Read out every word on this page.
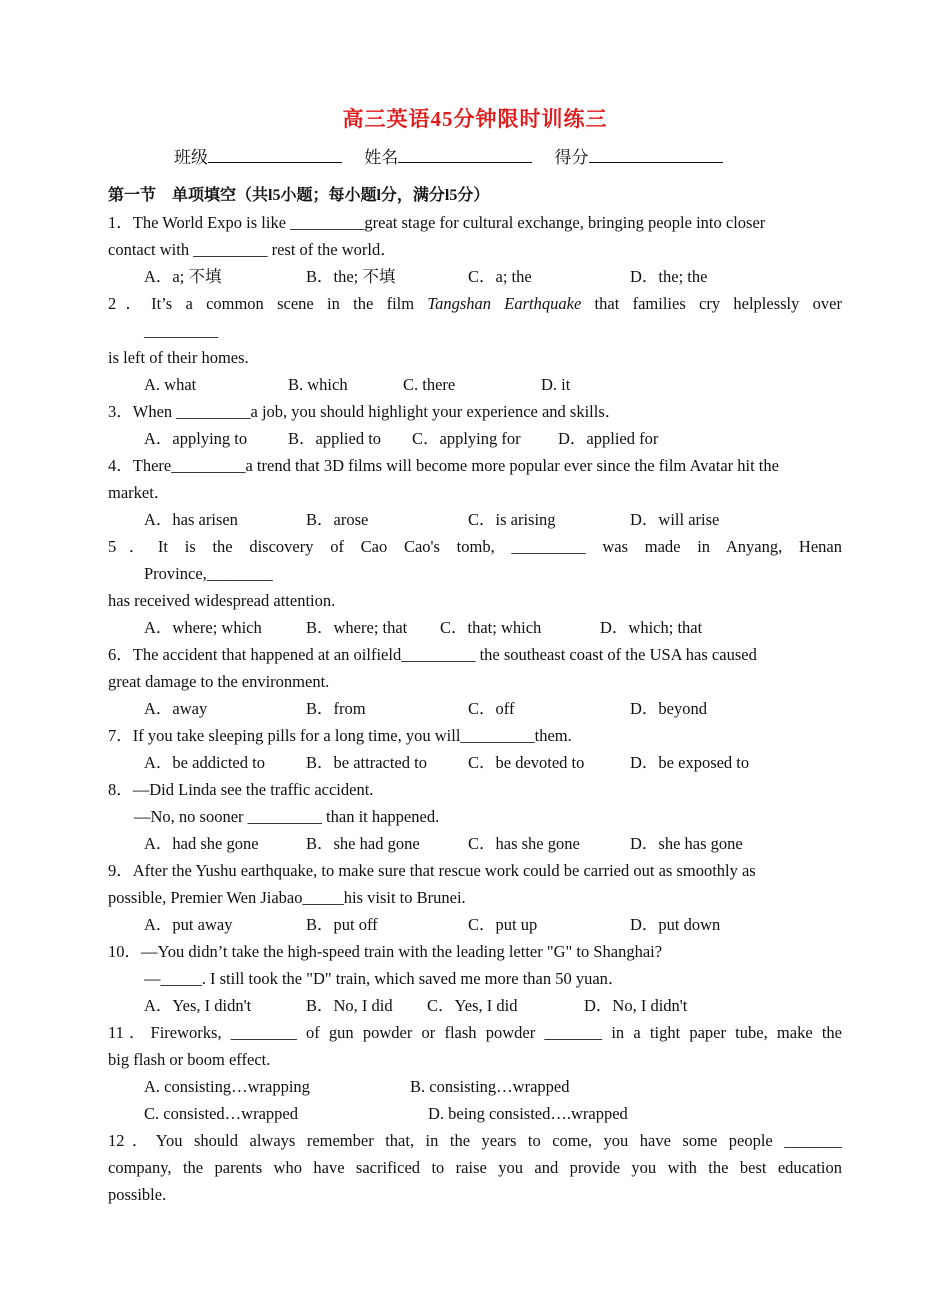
高三英语45分钟限时训练三
班级	姓名	得分
第一节　单项填空（共l5小题；每小题l分，满分l5分）
1．The World Expo is like _________great stage for cultural exchange, bringing people into closer
contact with _________ rest of the world．
A．a; 不填	B．the; 不填	C．a; the	D．the; the
2．It’s a common scene in the film Tangshan Earthquake that families cry helplessly over
_________
is left of their homes.
A. what	B. which	C. there	D. it
3．When _________a job, you should highlight your experience and skills．
A．applying to	B．applied to	C．applying for	D．applied for
4．There_________a trend that 3D films will become more popular ever since the film Avatar hit the
market．
A．has arisen	B．arose	C．is arising	D．will arise
5．It is the discovery of Cao Cao's tomb, _________ was made in Anyang, Henan
Province,________
has received widespread attention.
A．where; which	B．where; that	C．that; which	D．which; that
6．The accident that happened at an oilfield_________ the southeast coast of the USA has caused
great damage to the environment.
A．away	B．from	C．off	D．beyond
7．If you take sleeping pills for a long time, you will_________them.
A．be addicted to	B．be attracted to	C．be devoted to	D．be exposed to
8．—Did Linda see the traffic accident.
—No, no sooner _________ than it happened.
A．had she gone	B．she had gone	C．has she gone	D．she has gone
9．After the Yushu earthquake, to make sure that rescue work could be carried out as smoothly as
possible, Premier Wen Jiabao_____his visit to Brunei.
A．put away	B．put off	C．put up	D．put down
10．—You didn’t take the high-speed train with the leading letter "G" to Shanghai?
—_____. I still took the "D" train, which saved me more than 50 yuan．
A．Yes, I didn't	B．No, I did	C．Yes, I did	D．No, I didn't
11．Fireworks, ________ of gun powder or flash powder _______ in a tight paper tube, make the
big flash or boom effect.
A. consisting…wrapping	B. consisting…wrapped
C. consisted…wrapped	D. being consisted….wrapped
12．You should always remember that, in the years to come, you have some people _______
company, the parents who have sacrificed to raise you and provide you with the best education
possible.
